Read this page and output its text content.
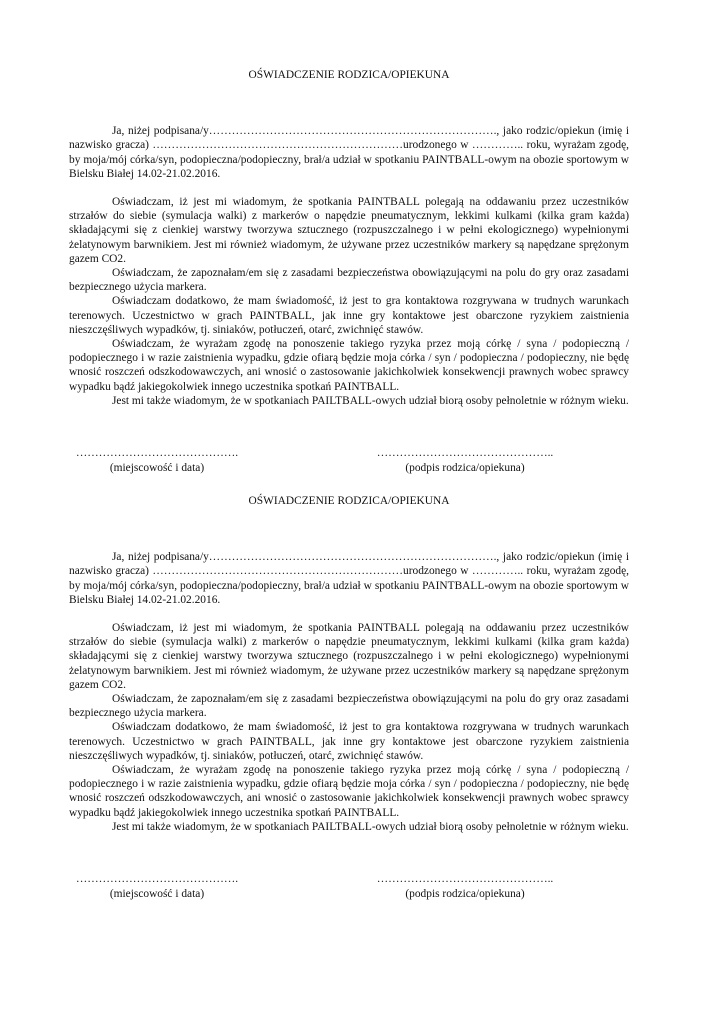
OŚWIADCZENIE RODZICA/OPIEKUNA

Ja, niżej podpisana/y…………………………………………………………………., jako rodzic/opiekun (imię i nazwisko gracza) …………………………………………………………urodzonego w ………….. roku, wyrażam zgodę, by moja/mój córka/syn, podopieczna/podopieczny, brał/a udział w spotkaniu PAINTBALL-owym na obozie sportowym w Bielsku Białej 14.02-21.02.2016.

Oświadczam, iż jest mi wiadomym, że spotkania PAINTBALL polegają na oddawaniu przez uczestników strzałów do siebie (symulacja walki) z markerów o napędzie pneumatycznym, lekkimi kulkami (kilka gram każda) składającymi się z cienkiej warstwy tworzywa sztucznego (rozpuszczalnego i w pełni ekologicznego) wypełnionymi żelatynowym barwnikiem. Jest mi również wiadomym, że używane przez uczestników markery są napędzane sprężonym gazem CO2.

Oświadczam, że zapoznałam/em się z zasadami bezpieczeństwa obowiązującymi na polu do gry oraz zasadami bezpiecznego użycia markera.

Oświadczam dodatkowo, że mam świadomość, iż jest to gra kontaktowa rozgrywana w trudnych warunkach terenowych. Uczestnictwo w grach PAINTBALL, jak inne gry kontaktowe jest obarczone ryzykiem zaistnienia nieszczęśliwych wypadków, tj. siniaków, potłuczeń, otarć, zwichnięć stawów.

Oświadczam, że wyrażam zgodę na ponoszenie takiego ryzyka przez moją córkę / syna / podopieczną / podopiecznego i w razie zaistnienia wypadku, gdzie ofiarą będzie moja córka / syn / podopieczna / podopieczny, nie będę wnosić roszczeń odszkodowawczych, ani wnosić o zastosowanie jakichkolwiek konsekwencji prawnych wobec sprawcy wypadku bądź jakiegokolwiek innego uczestnika spotkań PAINTBALL.

Jest mi także wiadomym, że w spotkaniach PAILTBALL-owych udział biorą osoby pełnoletnie w różnym wieku.

…………………………………….
(miejscowość i data)
………………………………………..
(podpis rodzica/opiekuna)
OŚWIADCZENIE RODZICA/OPIEKUNA

Ja, niżej podpisana/y…………………………………………………………………., jako rodzic/opiekun (imię i nazwisko gracza) …………………………………………………………urodzonego w ………….. roku, wyrażam zgodę, by moja/mój córka/syn, podopieczna/podopieczny, brał/a udział w spotkaniu PAINTBALL-owym na obozie sportowym w Bielsku Białej 14.02-21.02.2016.

Oświadczam, iż jest mi wiadomym, że spotkania PAINTBALL polegają na oddawaniu przez uczestników strzałów do siebie (symulacja walki) z markerów o napędzie pneumatycznym, lekkimi kulkami (kilka gram każda) składającymi się z cienkiej warstwy tworzywa sztucznego (rozpuszczalnego i w pełni ekologicznego) wypełnionymi żelatynowym barwnikiem. Jest mi również wiadomym, że używane przez uczestników markery są napędzane sprężonym gazem CO2.

Oświadczam, że zapoznałam/em się z zasadami bezpieczeństwa obowiązującymi na polu do gry oraz zasadami bezpiecznego użycia markera.

Oświadczam dodatkowo, że mam świadomość, iż jest to gra kontaktowa rozgrywana w trudnych warunkach terenowych. Uczestnictwo w grach PAINTBALL, jak inne gry kontaktowe jest obarczone ryzykiem zaistnienia nieszczęśliwych wypadków, tj. siniaków, potłuczeń, otarć, zwichnięć stawów.

Oświadczam, że wyrażam zgodę na ponoszenie takiego ryzyka przez moją córkę / syna / podopieczną / podopiecznego i w razie zaistnienia wypadku, gdzie ofiarą będzie moja córka / syn / podopieczna / podopieczny, nie będę wnosić roszczeń odszkodowawczych, ani wnosić o zastosowanie jakichkolwiek konsekwencji prawnych wobec sprawcy wypadku bądź jakiegokolwiek innego uczestnika spotkań PAINTBALL.

Jest mi także wiadomym, że w spotkaniach PAILTBALL-owych udział biorą osoby pełnoletnie w różnym wieku.

…………………………………….
(miejscowość i data)
………………………………………..
(podpis rodzica/opiekuna)
